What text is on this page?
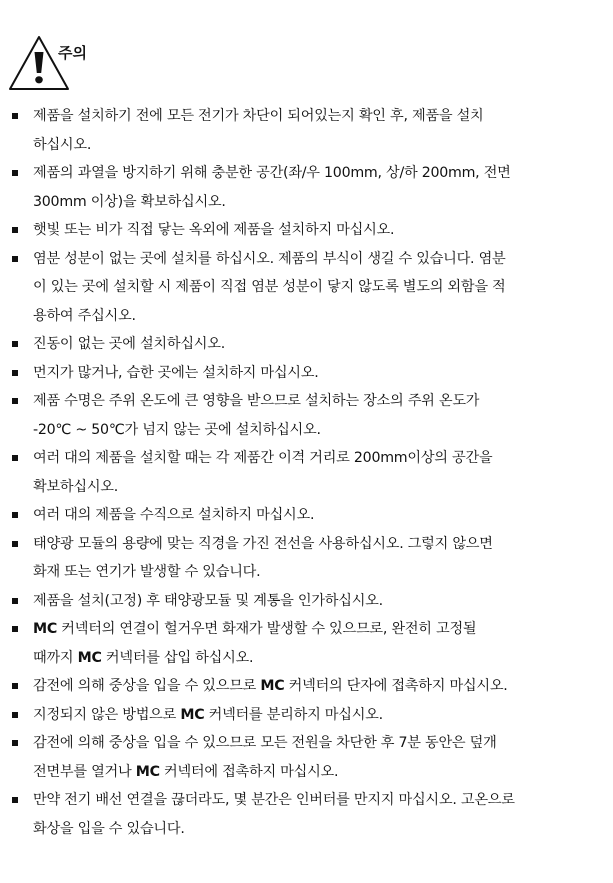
주의
제품을 설치하기 전에 모든 전기가 차단이 되어있는지 확인 후, 제품을 설치
하십시오.
제품의 과열을 방지하기 위해 충분한 공간(좌/우 100mm, 상/하 200mm, 전면
300mm 이상)을 확보하십시오.
햇빛 또는 비가 직접 닿는 옥외에 제품을 설치하지 마십시오.
염분 성분이 없는 곳에 설치를 하십시오. 제품의 부식이 생길 수 있습니다. 염분
이 있는 곳에 설치할 시 제품이 직접 염분 성분이 닿지 않도록 별도의 외함을 적
용하여 주십시오.
진동이 없는 곳에 설치하십시오.
먼지가 많거나, 습한 곳에는 설치하지 마십시오.
제품 수명은 주위 온도에 큰 영향을 받으므로 설치하는 장소의 주위 온도가
-20℃ ~ 50℃가 넘지 않는 곳에 설치하십시오.
여러 대의 제품을 설치할 때는 각 제품간 이격 거리로 200mm이상의 공간을
확보하십시오.
여러 대의 제품을 수직으로 설치하지 마십시오.
태양광 모듈의 용량에 맞는 직경을 가진 전선을 사용하십시오. 그렇지 않으면
화재 또는 연기가 발생할 수 있습니다.
제품을 설치(고정) 후 태양광모듈 및 계통을 인가하십시오.
MC 커넥터의 연결이 헐거우면 화재가 발생할 수 있으므로, 완전히 고정될
때까지 MC 커넥터를 삽입 하십시오.
감전에 의해 중상을 입을 수 있으므로 MC 커넥터의 단자에 접촉하지 마십시오.
지정되지 않은 방법으로 MC 커넥터를 분리하지 마십시오.
감전에 의해 중상을 입을 수 있으므로 모든 전원을 차단한 후 7분 동안은 덮개
전면부를 열거나 MC 커넥터에 접촉하지 마십시오.
만약 전기 배선 연결을 끊더라도, 몇 분간은 인버터를 만지지 마십시오. 고온으로
화상을 입을 수 있습니다.
